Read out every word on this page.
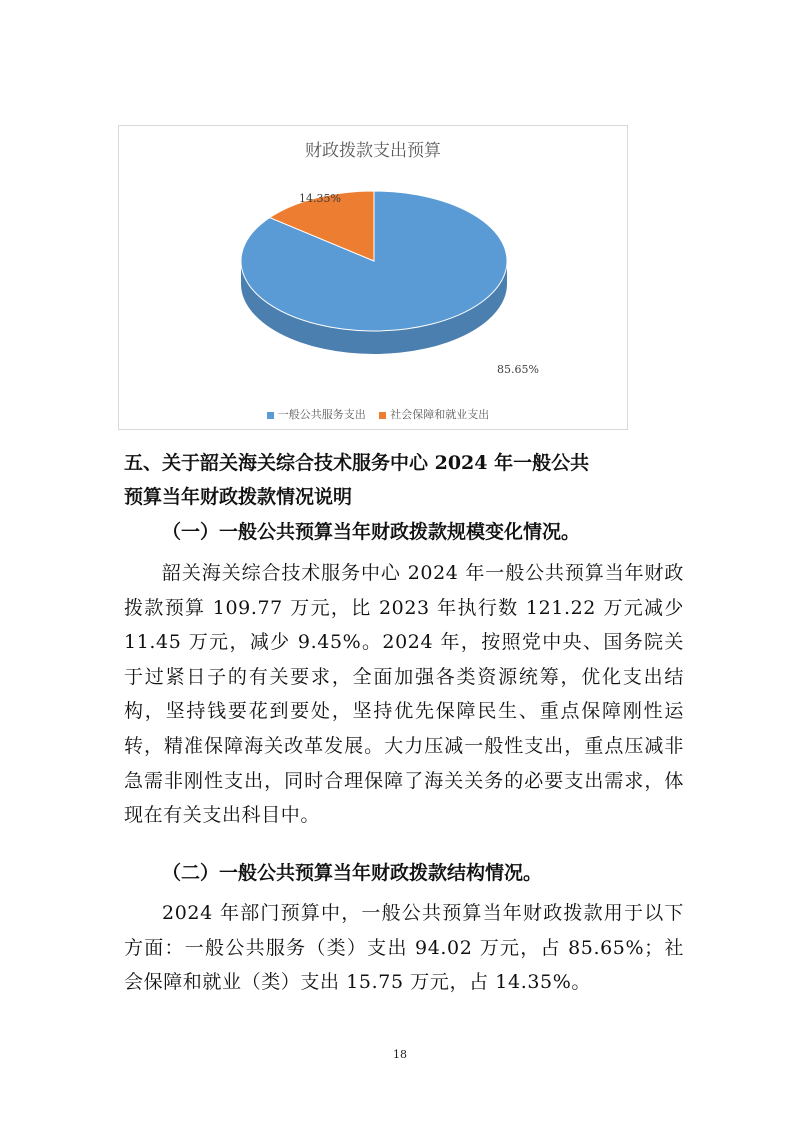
85.65%
14.35%
财政拨款支出预算
一般公共服务支出 社会保障和就业支出
五、关于韶关海关综合技术服务中心 2024 年一般公共
预算当年财政拨款情况说明
（一）一般公共预算当年财政拨款规模变化情况。
韶关海关综合技术服务中心 2024 年一般公共预算当年财政拨款预算 109.77 万元，比 2023 年执行数 121.22 万元减少 11.45 万元，减少 9.45%。2024 年，按照党中央、国务院关于过紧日子的有关要求，全面加强各类资源统筹，优化支出结构，坚持钱要花到要处，坚持优先保障民生、重点保障刚性运转，精准保障海关改革发展。大力压减一般性支出，重点压减非急需非刚性支出，同时合理保障了海关关务的必要支出需求，体现在有关支出科目中。
（二）一般公共预算当年财政拨款结构情况。
2024 年部门预算中，一般公共预算当年财政拨款用于以下方面：一般公共服务（类）支出 94.02 万元，占 85.65%；社会保障和就业（类）支出 15.75 万元，占 14.35%。
18
